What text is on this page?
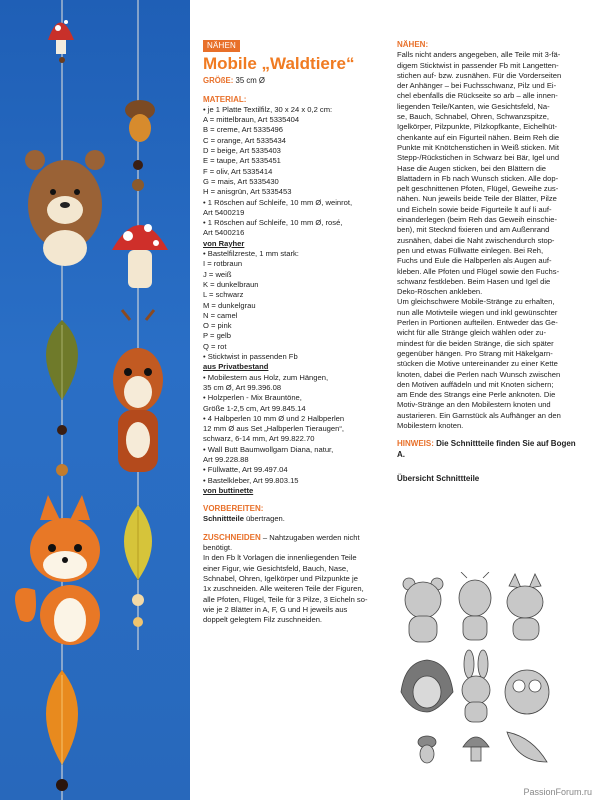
NÄHEN
Mobile „Waldtiere“
GRÖßE: 35 cm Ø
MATERIAL:
• je 1 Platte Textilfilz, 30 x 24 x 0,2 cm:
A = mittelbraun, Art 5335404
B = creme, Art 5335496
C = orange, Art 5335434
D = beige, Art 5335403
E = taupe, Art 5335451
F = oliv, Art 5335414
G = mais, Art 5335430
H = anisgrün, Art 5335453
• 1 Röschen auf Schleife, 10 mm Ø, weinrot,
Art 5400219
• 1 Röschen auf Schleife, 10 mm Ø, rosé,
Art 5400216
von Rayher
• Bastelfilzreste, 1 mm stark:
I = rotbraun
J = weiß
K = dunkelbraun
L = schwarz
M = dunkelgrau
N = camel
O = pink
P = gelb
Q = rot
• Sticktwist in passenden Fb
aus Privatbestand
• Mobilestern aus Holz, zum Hängen,
35 cm Ø, Art 99.396.08
• Holzperlen - Mix Brauntöne,
Größe 1-2,5 cm, Art 99.845.14
• 4 Halbperlen 10 mm Ø und 2 Halbperlen
12 mm Ø aus Set „Halbperlen Tieraugen“,
schwarz, 6-14 mm, Art 99.822.70
• Wall Butt Baumwollgarn Diana, natur,
Art 99.228.88
• Füllwatte, Art 99.497.04
• Bastelkleber, Art 99.803.15
von buttinette
VORBEREITEN:
Schnittteile übertragen.
ZUSCHNEIDEN – Nahtzugaben werden nicht
benötigt.
In den Fb lt Vorlagen die innenliegenden Teile
einer Figur, wie Gesichtsfeld, Bauch, Nase,
Schnabel, Ohren, Igelkörper und Pilzpunkte je
1x zuschneiden. Alle weiteren Teile der Figuren,
alle Pfoten, Flügel, Teile für 3 Pilze, 3 Eicheln so-
wie je 2 Blätter in A, F, G und H jeweils aus
doppelt gelegtem Filz zuschneiden.
NÄHEN:
Falls nicht anders angegeben, alle Teile mit 3-fä-
digem Sticktwist in passender Fb mit Langetten-
stichen auf- bzw. zusnähen. Für die Vorderseiten
der Anhänger – bei Fuchsschwanz, Pilz und Ei-
chel ebenfalls die Rückseite so arb – alle innen-
liegenden Teile/Kanten, wie Gesichtsfeld, Na-
se, Bauch, Schnabel, Ohren, Schwanzspitze,
Igelkörper, Pilzpunkte, Pilzkopfkante, Eichelhüt-
chenkante auf ein Figurteil nähen. Beim Reh die
Punkte mit Knötchenstichen in Weiß sticken. Mit
Stepp-/Rückstichen in Schwarz bei Bär, Igel und
Hase die Augen sticken, bei den Blättern die
Blattadern in Fb nach Wunsch sticken. Alle dop-
pelt geschnittenen Pfoten, Flügel, Geweihe zus-
nähen. Nun jeweils beide Teile der Blätter, Pilze
und Eicheln sowie beide Figurteile lt auf li auf-
einanderlegen (beim Reh das Geweih einschie-
ben), mit Stecknd fixieren und am Außenrand
zusnähen, dabei die Naht zwischendurch stop-
pen und etwas Füllwatte einlegen. Bei Reh,
Fuchs und Eule die Halbperlen als Augen auf-
kleben. Alle Pfoten und Flügel sowie den Fuchs-
schwanz festkleben. Beim Hasen und Igel die
Deko-Röschen ankleben.
Um gleichschwere Mobile-Stränge zu erhalten,
nun alle Motivteile wiegen und inkl gewünschter
Perlen in Portionen aufteilen. Entweder das Ge-
wicht für alle Stränge gleich wählen oder zu-
mindest für die beiden Stränge, die sich später
gegenüber hängen. Pro Strang mit Häkelgarn-
stücken die Motive untereinander zu einer Kette
knoten, dabei die Perlen nach Wunsch zwischen
den Motiven auffädeln und mit Knoten sichern;
am Ende des Strangs eine Perle anknoten. Die
Motiv-Stränge an den Mobilestern knoten und
austarieren. Ein Garnstück als Aufhänger an den
Mobilestern knoten.
HINWEIS: Die Schnittteile finden Sie auf Bogen
A.
Übersicht Schnittteile
PassionForum.ru
